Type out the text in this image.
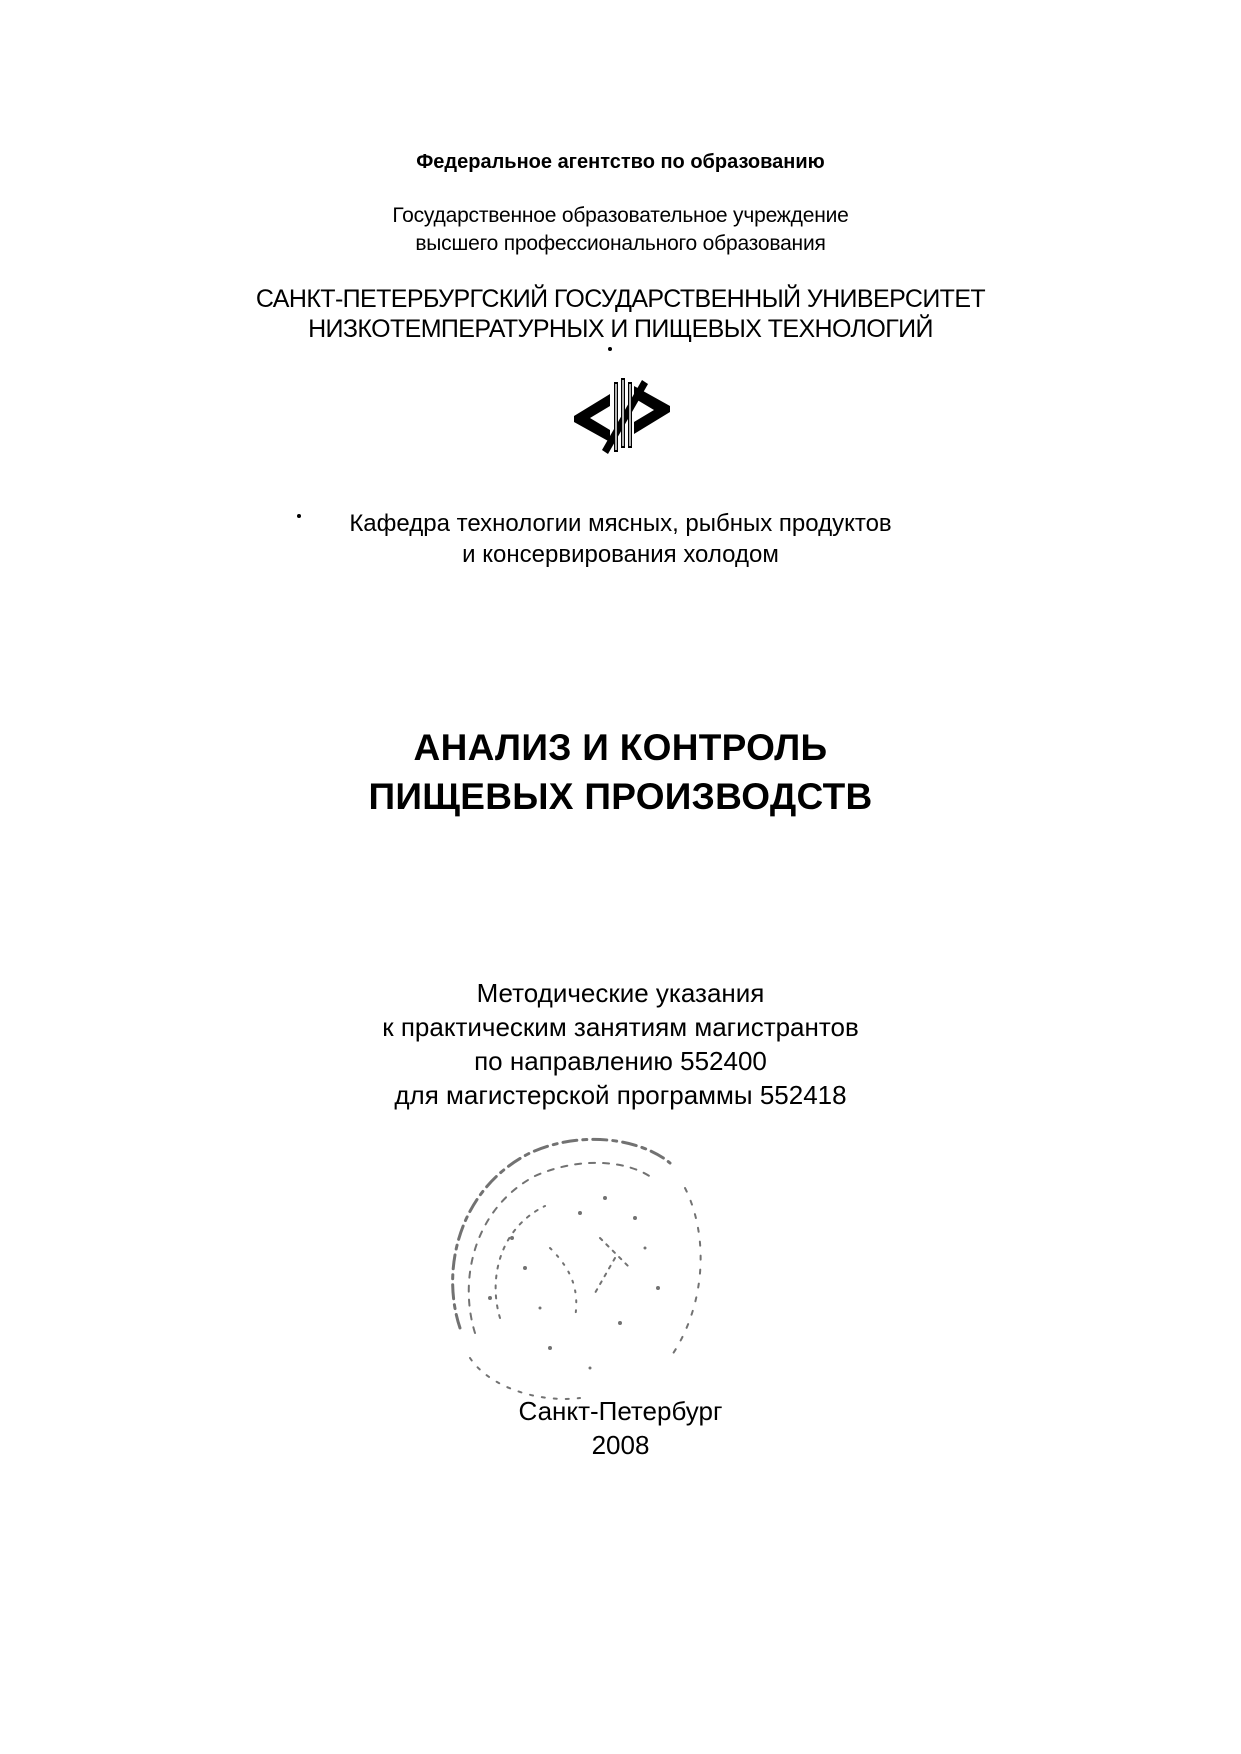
Федеральное агентство по образованию
Государственное образовательное учреждение
высшего профессионального образования
САНКТ-ПЕТЕРБУРГСКИЙ ГОСУДАРСТВЕННЫЙ УНИВЕРСИТЕТ
НИЗКОТЕМПЕРАТУРНЫХ И ПИЩЕВЫХ ТЕХНОЛОГИЙ
Кафедра технологии мясных, рыбных продуктов
и консервирования холодом
АНАЛИЗ И КОНТРОЛЬ
ПИЩЕВЫХ ПРОИЗВОДСТВ
Методические указания
к практическим занятиям магистрантов
по направлению 552400
для магистерской программы 552418
Санкт-Петербург
2008
